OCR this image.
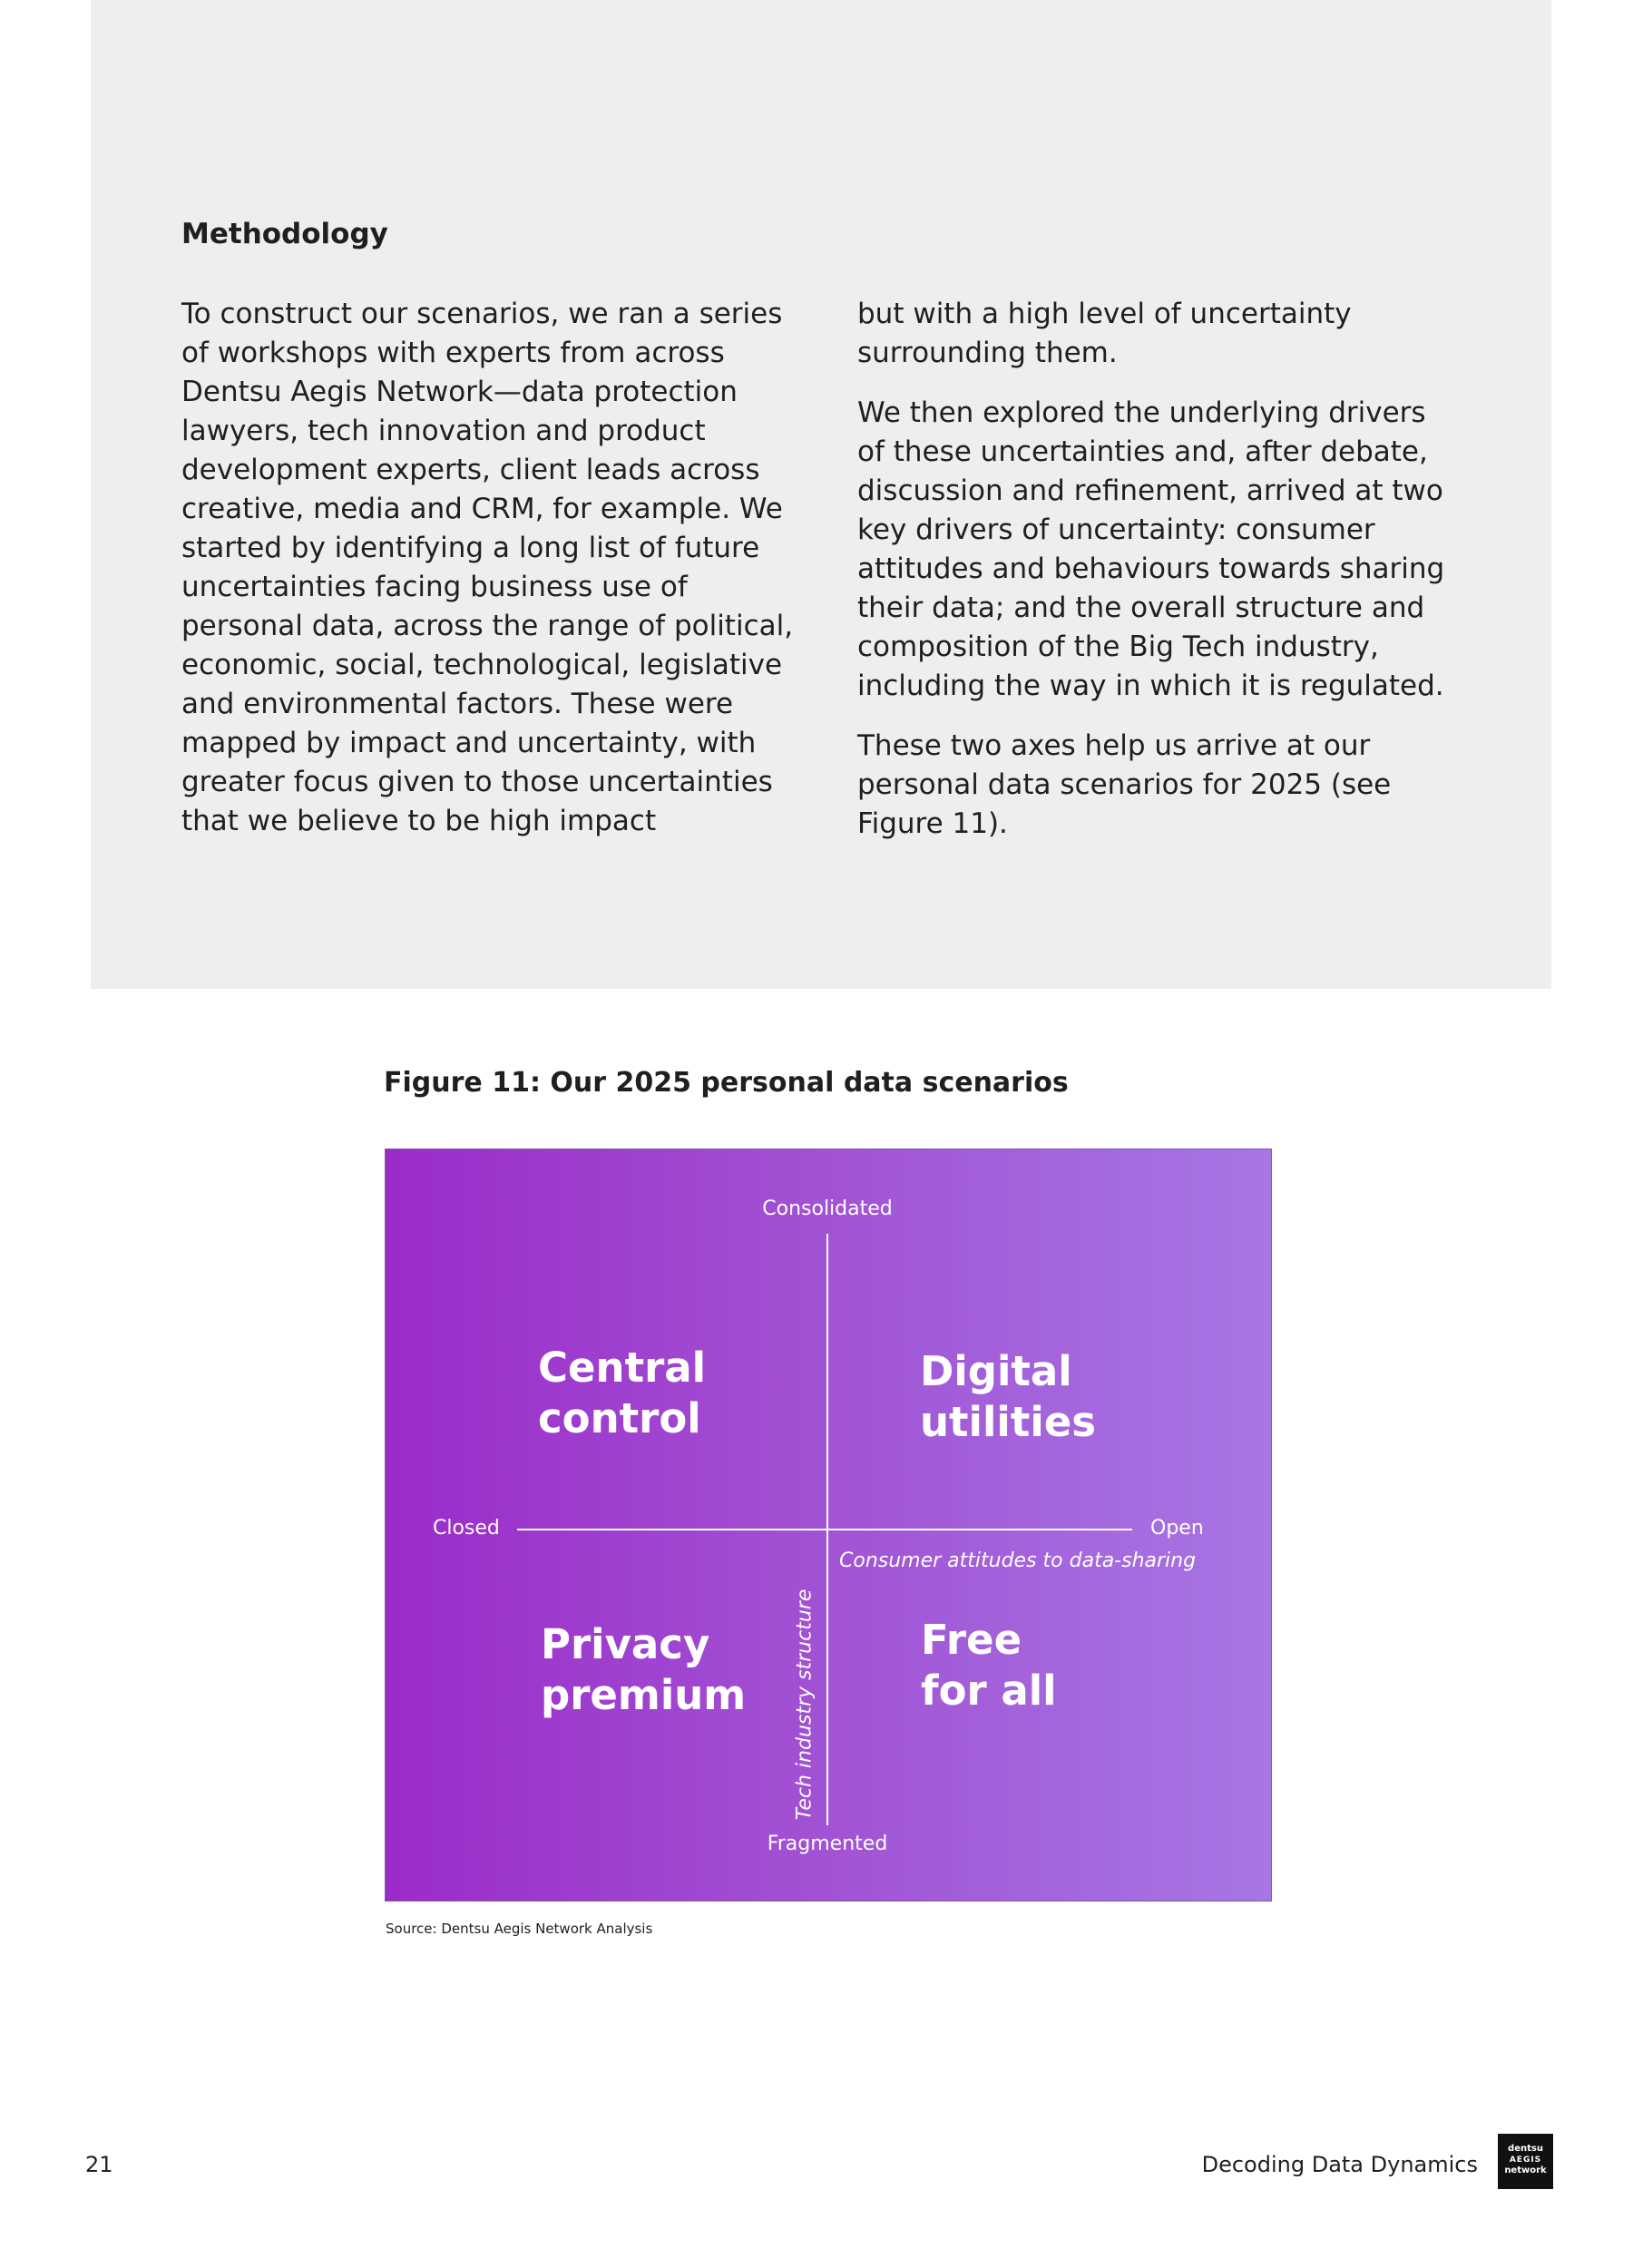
Methodology

To construct our scenarios, we ran a series of workshops with experts from across Dentsu Aegis Network—data protection lawyers, tech innovation and product development experts, client leads across creative, media and CRM, for example. We started by identifying a long list of future uncertainties facing business use of personal data, across the range of political, economic, social, technological, legislative and environmental factors. These were mapped by impact and uncertainty, with greater focus given to those uncertainties that we believe to be high impact

but with a high level of uncertainty surrounding them.

We then explored the underlying drivers of these uncertainties and, after debate, discussion and refinement, arrived at two key drivers of uncertainty: consumer attitudes and behaviours towards sharing their data; and the overall structure and composition of the Big Tech industry, including the way in which it is regulated.

These two axes help us arrive at our personal data scenarios for 2025 (see Figure 11).

Figure 11: Our 2025 personal data scenarios
Consolidated
Fragmented
Closed	Open
Consumer attitudes to data-sharing
Tech industry structure
Central
control
Digital
utilities
Privacy
premium
Free
for all
Source: Dentsu Aegis Network Analysis
21	Decoding Data Dynamics
dentsu
AEGIS
network
